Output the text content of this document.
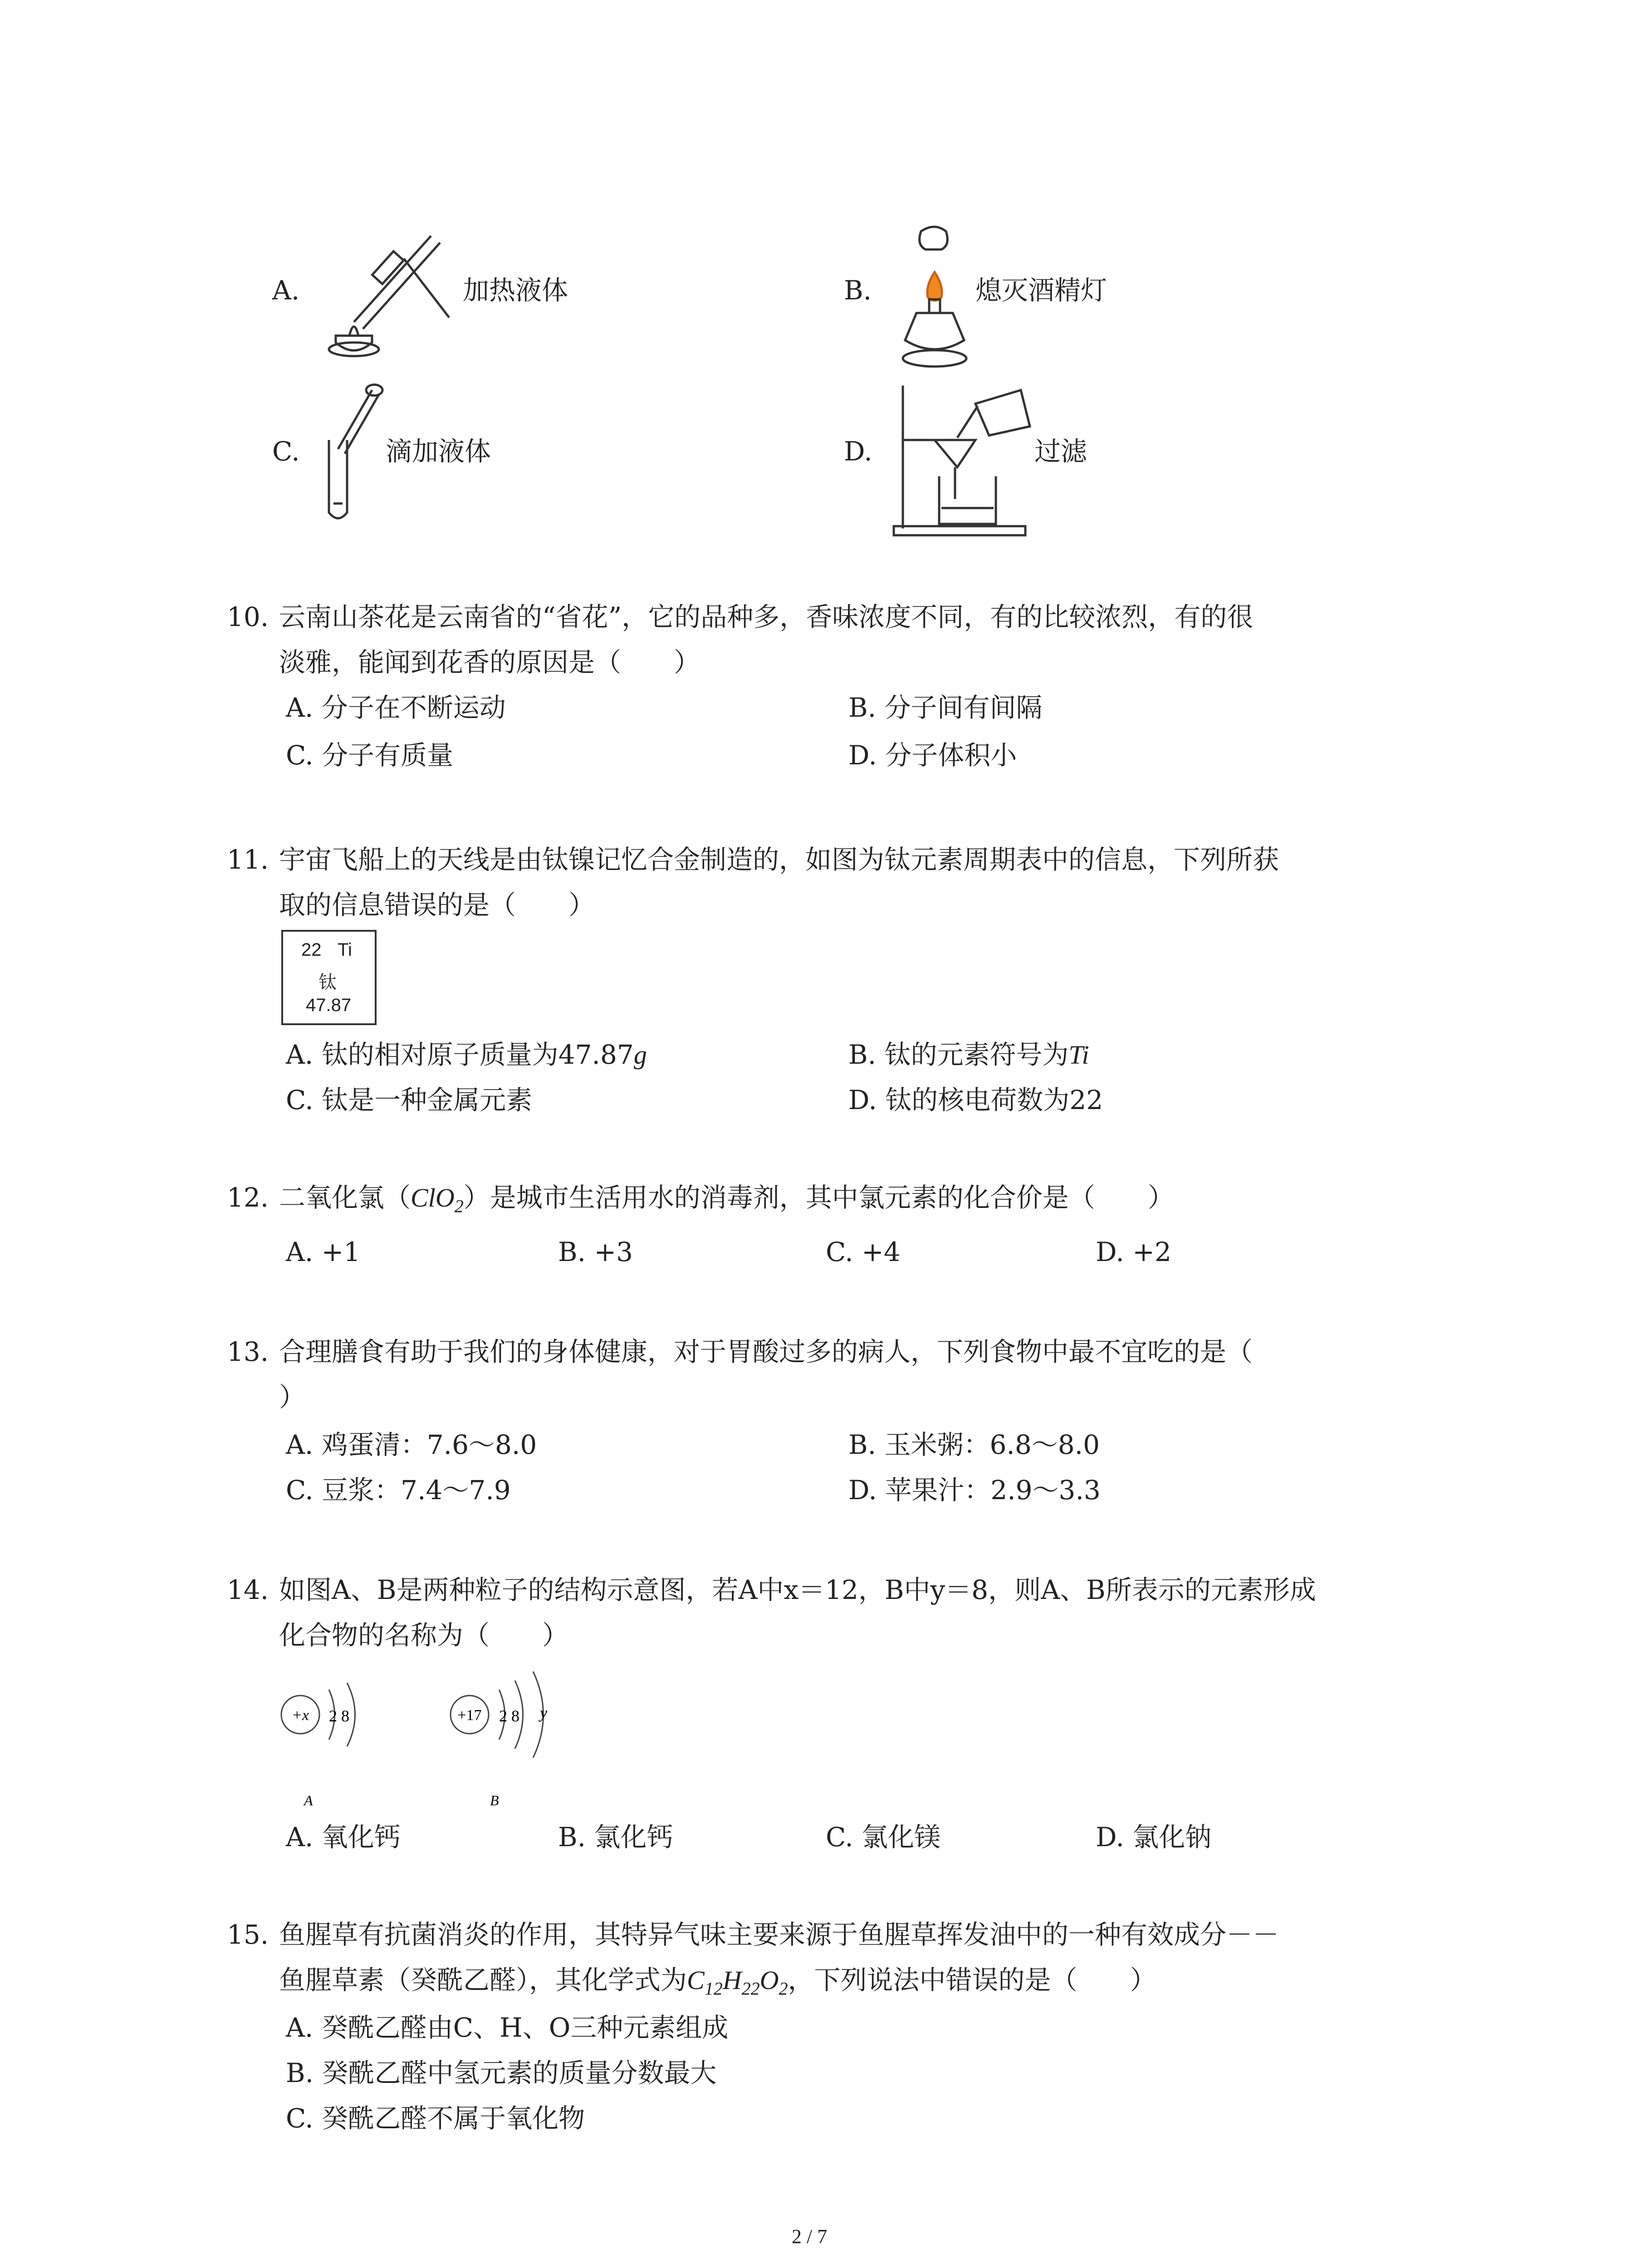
A.	加热液体	B.	熄灭酒精灯
C.	滴加液体	D.	过滤
10. 云南山茶花是云南省的“省花”，它的品种多，香味浓度不同，有的比较浓烈，有的很
淡雅，能闻到花香的原因是（　　）
A. 分子在不断运动	B. 分子间有间隔
C. 分子有质量	D. 分子体积小
11. 宇宙飞船上的天线是由钛镍记忆合金制造的，如图为钛元素周期表中的信息，下列所获
取的信息错误的是（　　）
22 Ti
钛
47.87
A. 钛的相对原子质量为47.87g	B. 钛的元素符号为Ti
C. 钛是一种金属元素	D. 钛的核电荷数为22
12. 二氧化氯（ClO$_2$）是城市生活用水的消毒剂，其中氯元素的化合价是（　　）
A. +1	B. +3	C. +4	D. +2
13. 合理膳食有助于我们的身体健康，对于胃酸过多的病人，下列食物中最不宜吃的是（
）
A. 鸡蛋清：7.6～8.0	B. 玉米粥：6.8～8.0
C. 豆浆：7.4～7.9	D. 苹果汁：2.9～3.3
14. 如图A、B是两种粒子的结构示意图，若A中x＝12，B中y＝8，则A、B所表示的元素形成
化合物的名称为（　　）
+x 2 8
A
+17 2 8 y
B
A. 氧化钙	B. 氯化钙	C. 氯化镁	D. 氯化钠
15. 鱼腥草有抗菌消炎的作用，其特异气味主要来源于鱼腥草挥发油中的一种有效成分－－
鱼腥草素（癸酰乙醛），其化学式为$C_{12}H_{22}O_2$，下列说法中错误的是（　　）
A. 癸酰乙醛由C、H、O三种元素组成
B. 癸酰乙醛中氢元素的质量分数最大
C. 癸酰乙醛不属于氧化物
2 / 7
